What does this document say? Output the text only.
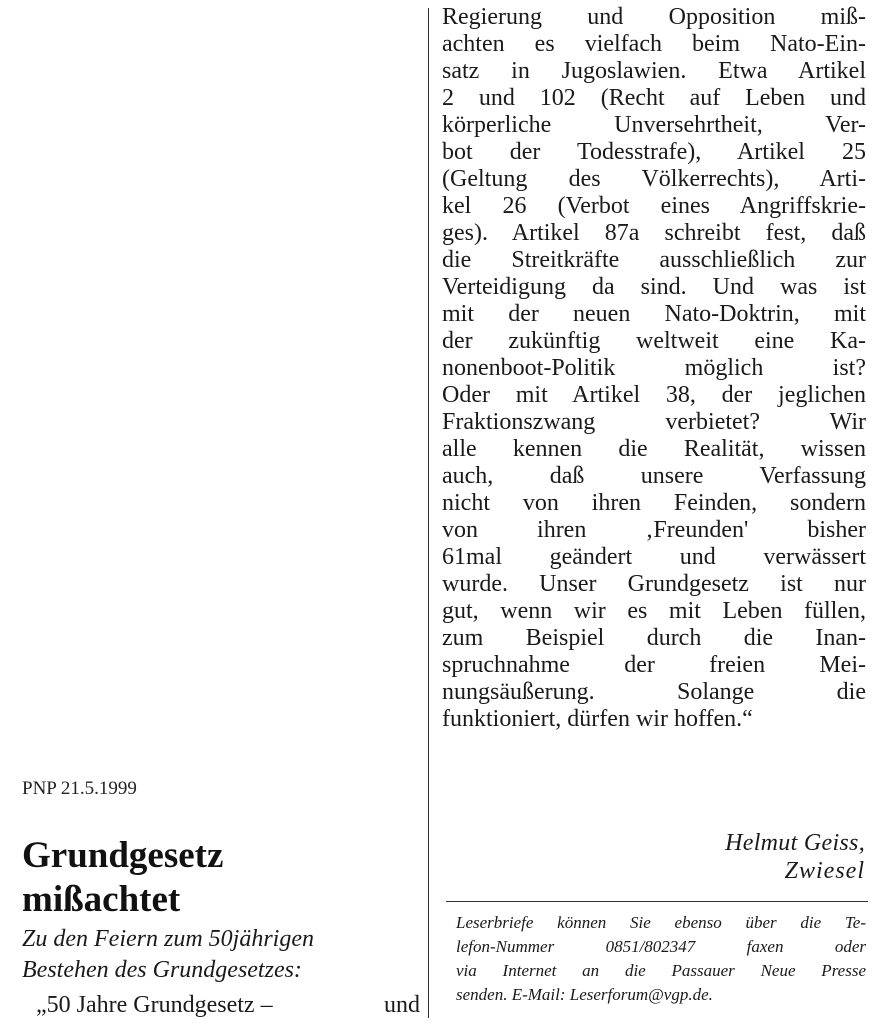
PNP 21.5.1999
Grundgesetz
mißachtet
Zu den Feiern zum 50jährigen
Bestehen des Grundgesetzes:
„50 Jahre Grundgesetz –	und
Regierung und Opposition miß-
achten es vielfach beim Nato-Ein-
satz in Jugoslawien. Etwa Artikel
2 und 102 (Recht auf Leben und
körperliche Unversehrtheit, Ver-
bot der Todesstrafe), Artikel 25
(Geltung des Völkerrechts), Arti-
kel 26 (Verbot eines Angriffskrie-
ges). Artikel 87a schreibt fest, daß
die Streitkräfte ausschließlich zur
Verteidigung da sind. Und was ist
mit der neuen Nato-Doktrin, mit
der zukünftig weltweit eine Ka-
nonenboot-Politik möglich ist?
Oder mit Artikel 38, der jeglichen
Fraktionszwang verbietet? Wir
alle kennen die Realität, wissen
auch, daß unsere Verfassung
nicht von ihren Feinden, sondern
von ihren ‚Freunden' bisher
61mal geändert und verwässert
wurde. Unser Grundgesetz ist nur
gut, wenn wir es mit Leben füllen,
zum Beispiel durch die Inan-
spruchnahme der freien Mei-
nungsäußerung. Solange die
funktioniert, dürfen wir hoffen.“
Helmut Geiss,
Zwiesel
Leserbriefe können Sie ebenso über die Te-
lefon-Nummer 0851/802347 faxen oder
via Internet an die Passauer Neue Presse
senden. E-Mail: Leserforum@vgp.de.
